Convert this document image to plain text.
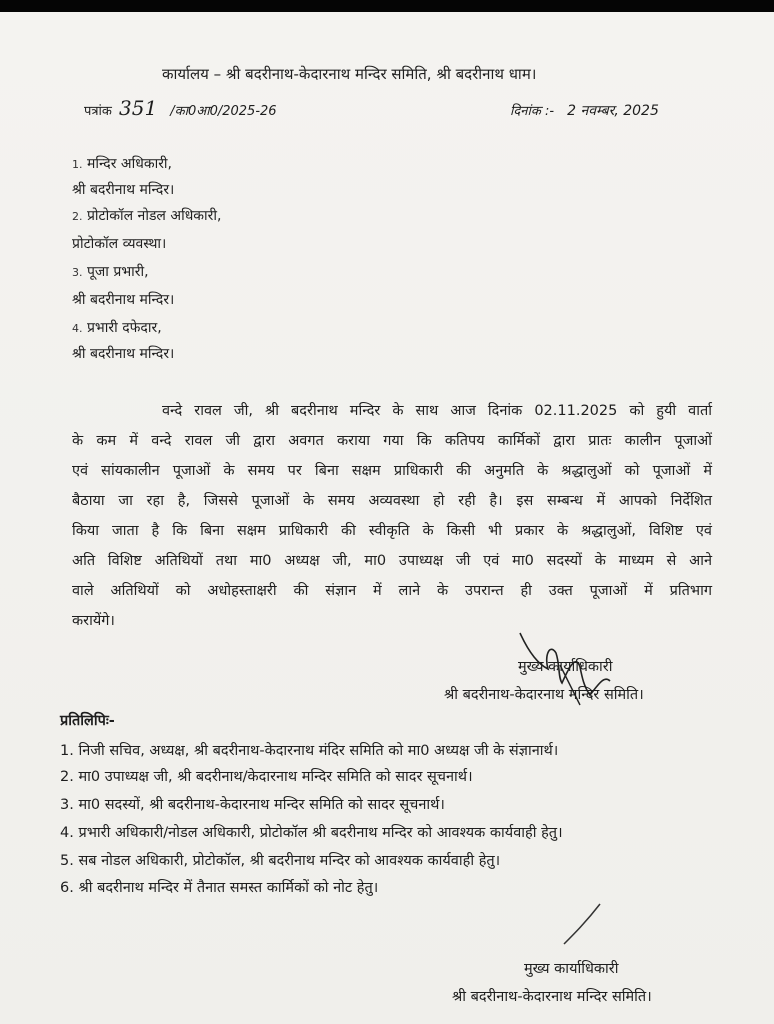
कार्यालय – श्री बदरीनाथ-केदारनाथ मन्दिर समिति, श्री बदरीनाथ धाम।
पत्रांक 351 /का0आ0/2025-26	दिनांक :- 2 नवम्बर, 2025
1. मन्दिर अधिकारी,
श्री बदरीनाथ मन्दिर।
2. प्रोटोकॉल नोडल अधिकारी,
प्रोटोकॉल व्यवस्था।
3. पूजा प्रभारी,
श्री बदरीनाथ मन्दिर।
4. प्रभारी दफेदार,
श्री बदरीनाथ मन्दिर।
वन्दे रावल जी, श्री बदरीनाथ मन्दिर के साथ आज दिनांक 02.11.2025 को हुयी वार्ता
के कम में वन्दे रावल जी द्वारा अवगत कराया गया कि कतिपय कार्मिकों द्वारा प्रातः कालीन पूजाओं
एवं सांयकालीन पूजाओं के समय पर बिना सक्षम प्राधिकारी की अनुमति के श्रद्धालुओं को पूजाओं में
बैठाया जा रहा है, जिससे पूजाओं के समय अव्यवस्था हो रही है। इस सम्बन्ध में आपको निर्देशित
किया जाता है कि बिना सक्षम प्राधिकारी की स्वीकृति के किसी भी प्रकार के श्रद्धालुओं, विशिष्ट एवं
अति विशिष्ट अतिथियों तथा मा0 अध्यक्ष जी, मा0 उपाध्यक्ष जी एवं मा0 सदस्यों के माध्यम से आने
वाले अतिथियों को अधोहस्ताक्षरी की संज्ञान में लाने के उपरान्त ही उक्त पूजाओं में प्रतिभाग
करायेंगे।
मुख्य कार्याधिकारी
श्री बदरीनाथ-केदारनाथ मन्दिर समिति।
प्रतिलिपिः-
1. निजी सचिव, अध्यक्ष, श्री बदरीनाथ-केदारनाथ मंदिर समिति को मा0 अध्यक्ष जी के संज्ञानार्थ।
2. मा0 उपाध्यक्ष जी, श्री बदरीनाथ/केदारनाथ मन्दिर समिति को सादर सूचनार्थ।
3. मा0 सदस्यों, श्री बदरीनाथ-केदारनाथ मन्दिर समिति को सादर सूचनार्थ।
4. प्रभारी अधिकारी/नोडल अधिकारी, प्रोटोकॉल श्री बदरीनाथ मन्दिर को आवश्यक कार्यवाही हेतु।
5. सब नोडल अधिकारी, प्रोटोकॉल, श्री बदरीनाथ मन्दिर को आवश्यक कार्यवाही हेतु।
6. श्री बदरीनाथ मन्दिर में तैनात समस्त कार्मिकों को नोट हेतु।
मुख्य कार्याधिकारी
श्री बदरीनाथ-केदारनाथ मन्दिर समिति।
